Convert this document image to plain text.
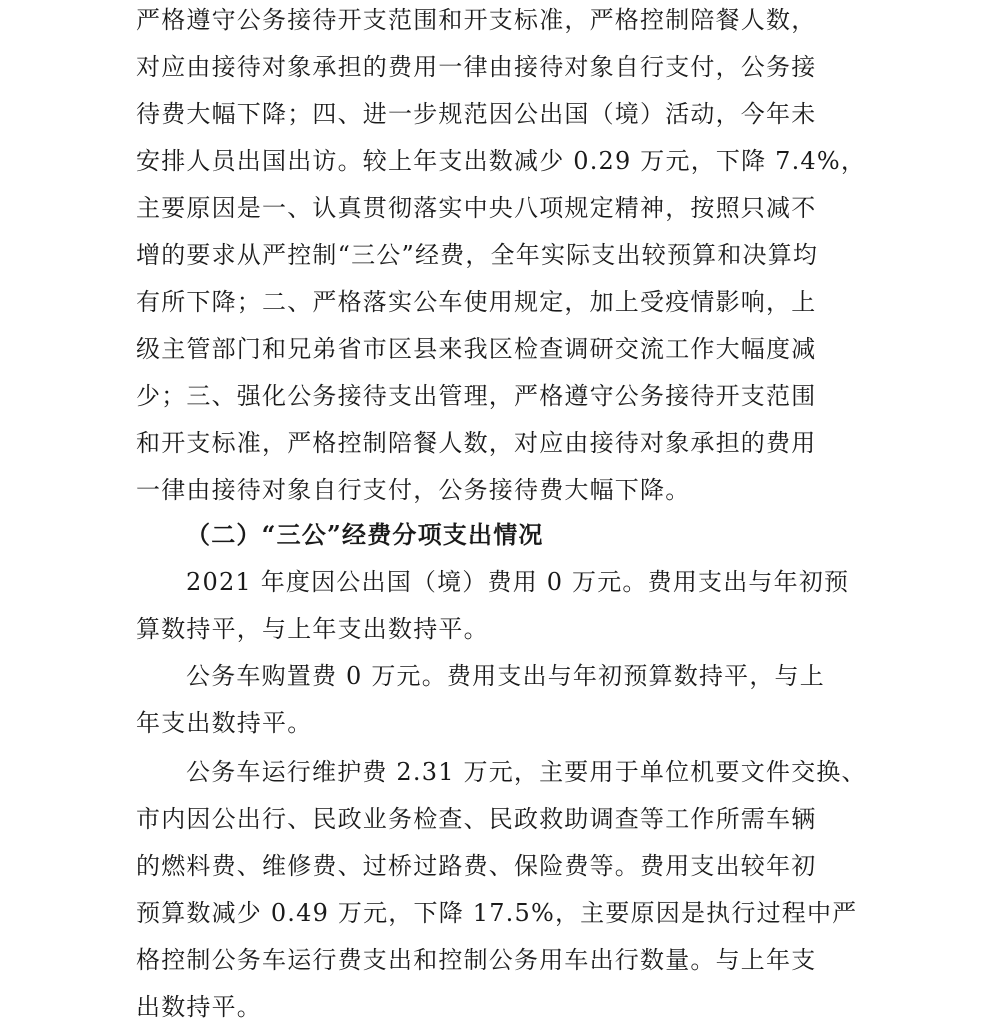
严格遵守公务接待开支范围和开支标准，严格控制陪餐人数，
对应由接待对象承担的费用一律由接待对象自行支付，公务接
待费大幅下降；四、进一步规范因公出国（境）活动，今年未
安排人员出国出访。较上年支出数减少 0.29 万元，下降 7.4%，
主要原因是一、认真贯彻落实中央八项规定精神，按照只减不
增的要求从严控制“三公”经费，全年实际支出较预算和决算均
有所下降；二、严格落实公车使用规定，加上受疫情影响，上
级主管部门和兄弟省市区县来我区检查调研交流工作大幅度减
少；三、强化公务接待支出管理，严格遵守公务接待开支范围
和开支标准，严格控制陪餐人数，对应由接待对象承担的费用
一律由接待对象自行支付，公务接待费大幅下降。
（二）“三公”经费分项支出情况
2021 年度因公出国（境）费用 0 万元。费用支出与年初预
算数持平，与上年支出数持平。
公务车购置费 0 万元。费用支出与年初预算数持平，与上
年支出数持平。
公务车运行维护费 2.31 万元，主要用于单位机要文件交换、
市内因公出行、民政业务检查、民政救助调查等工作所需车辆
的燃料费、维修费、过桥过路费、保险费等。费用支出较年初
预算数减少 0.49 万元，下降 17.5%，主要原因是执行过程中严
格控制公务车运行费支出和控制公务用车出行数量。与上年支
出数持平。
